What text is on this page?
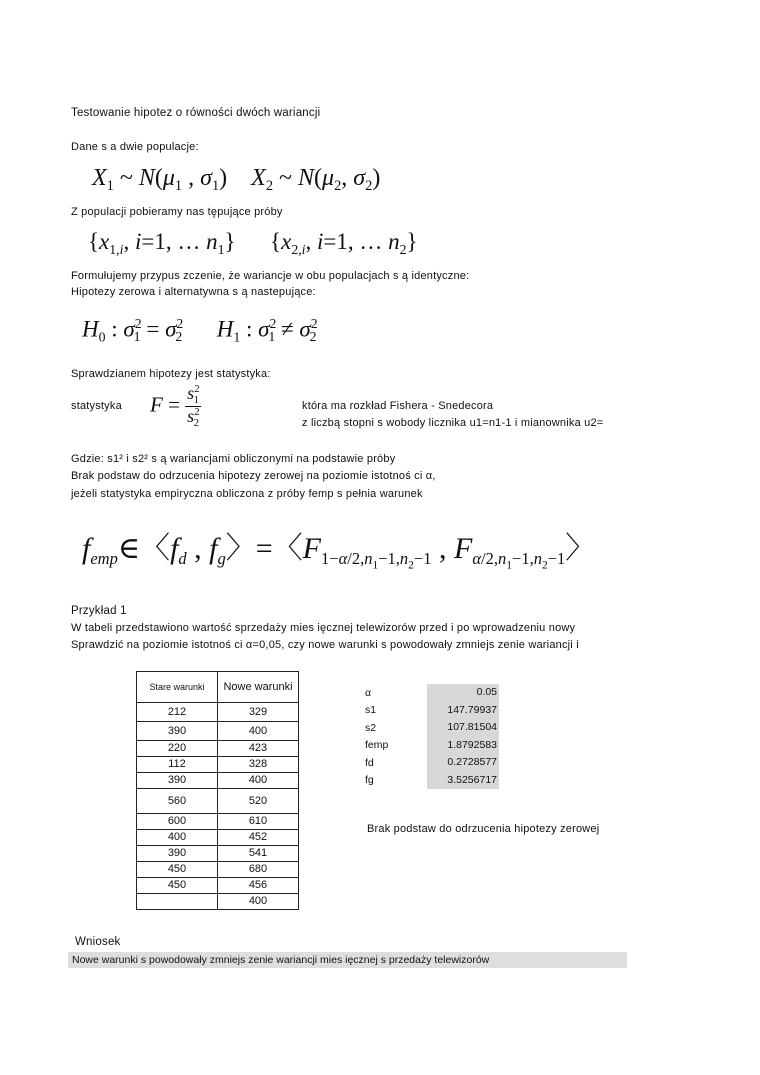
Testowanie hipotez o równości dwóch wariancji
Dane s a dwie populacje:
$X_1$ ~ $N(\mu_1$ , $\sigma_1$)    $X_2$ ~ $N(\mu_2$, $\sigma_2$)
Z populacji pobieramy nas tępujące próby
{$x_{1,i}$, i=1, … $n_1$}      {$x_{2,i}$, i=1, … $n_2$}
Formułujemy przypus zczenie, że wariancje w obu populacjach s ą identyczne:
Hipotezy zerowa i alternatywna s ą nastepujące:
$H_0$ : $\sigma^2_1 = \sigma^2_2$ $H_1$ : $\sigma^2_1 \ne \sigma^2_2$
Sprawdzianem hipotezy jest statystyka:
statystyka $F = \frac{s^2_1}{s^2_2}$	która ma rozkład Fishera - Snedecora
z liczbą stopni s wobody licznika u1=n1-1 i mianownika u2=
Gdzie: s1² i s2² s ą wariancjami obliczonymi na podstawie próby
Brak podstaw do odrzucenia hipotezy zerowej na poziomie istotnoś ci α,
jeżeli statystyka empiryczna obliczona z próby femp s pełnia warunek
$f_{emp}\in$〈$f_d$ , $f_g$〉=〈$F_{1-\alpha/2,n_1-1,n_2-1}$ , $F_{\alpha/2,n_1-1,n_2-1}$〉
Przykład 1
W tabeli przedstawiono wartość sprzedaży mies ięcznej telewizorów przed i po wprowadzeniu nowy
Sprawdzić na poziomie istotnoś ci α=0,05, czy nowe warunki s powodowały zmniejs zenie wariancji i
Stare warunki	Nowe warunki
212	329
390	400
220	423
112	328
390	400
560	520
600	610
400	452
390	541
450	680
450	456
	400
α	0.05
s1	147.79937
s2	107.81504
femp	1.8792583
fd	0.2728577
fg	3.5256717
Brak podstaw do odrzucenia hipotezy zerowej
Wniosek
Nowe warunki s powodowały zmniejs zenie wariancji mies ięcznej s przedaży telewizorów
